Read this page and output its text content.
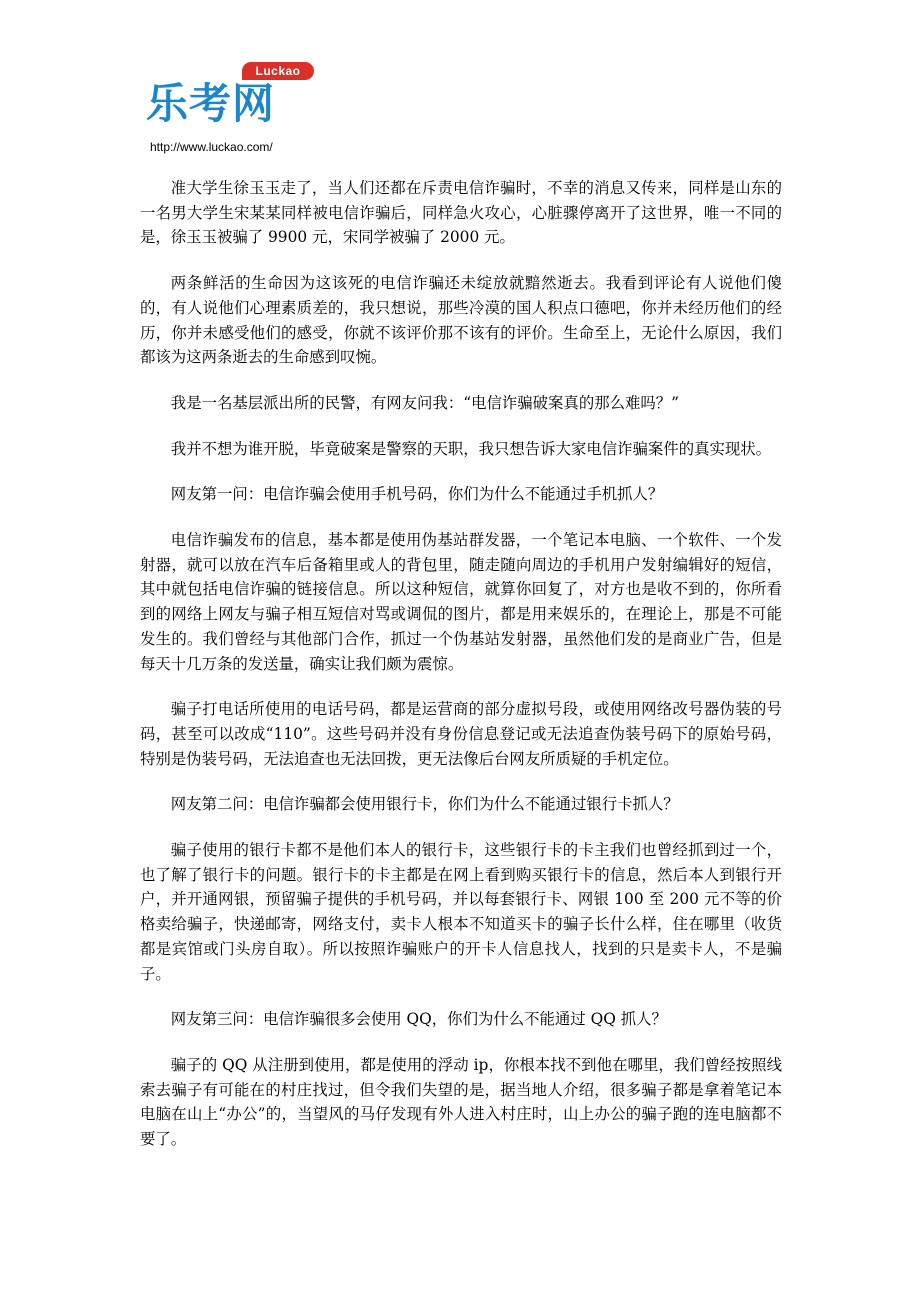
Luckao
乐考网
http://www.luckao.com/

准大学生徐玉玉走了，当人们还都在斥责电信诈骗时，不幸的消息又传来，同样是山东的一名男大学生宋某某同样被电信诈骗后，同样急火攻心，心脏骤停离开了这世界，唯一不同的是，徐玉玉被骗了 9900 元，宋同学被骗了 2000 元。

两条鲜活的生命因为这该死的电信诈骗还未绽放就黯然逝去。我看到评论有人说他们傻的，有人说他们心理素质差的，我只想说，那些冷漠的国人积点口德吧，你并未经历他们的经历，你并未感受他们的感受，你就不该评价那不该有的评价。生命至上，无论什么原因，我们都该为这两条逝去的生命感到叹惋。

我是一名基层派出所的民警，有网友问我：“电信诈骗破案真的那么难吗？”

我并不想为谁开脱，毕竟破案是警察的天职，我只想告诉大家电信诈骗案件的真实现状。

网友第一问：电信诈骗会使用手机号码，你们为什么不能通过手机抓人？

电信诈骗发布的信息，基本都是使用伪基站群发器，一个笔记本电脑、一个软件、一个发射器，就可以放在汽车后备箱里或人的背包里，随走随向周边的手机用户发射编辑好的短信，其中就包括电信诈骗的链接信息。所以这种短信，就算你回复了，对方也是收不到的，你所看到的网络上网友与骗子相互短信对骂或调侃的图片，都是用来娱乐的，在理论上，那是不可能发生的。我们曾经与其他部门合作，抓过一个伪基站发射器，虽然他们发的是商业广告，但是每天十几万条的发送量，确实让我们颇为震惊。

骗子打电话所使用的电话号码，都是运营商的部分虚拟号段，或使用网络改号器伪装的号码，甚至可以改成“110”。这些号码并没有身份信息登记或无法追查伪装号码下的原始号码，特别是伪装号码，无法追查也无法回拨，更无法像后台网友所质疑的手机定位。

网友第二问：电信诈骗都会使用银行卡，你们为什么不能通过银行卡抓人？

骗子使用的银行卡都不是他们本人的银行卡，这些银行卡的卡主我们也曾经抓到过一个，也了解了银行卡的问题。银行卡的卡主都是在网上看到购买银行卡的信息，然后本人到银行开户，并开通网银，预留骗子提供的手机号码，并以每套银行卡、网银 100 至 200 元不等的价格卖给骗子，快递邮寄，网络支付，卖卡人根本不知道买卡的骗子长什么样，住在哪里（收货都是宾馆或门头房自取）。所以按照诈骗账户的开卡人信息找人，找到的只是卖卡人，不是骗子。

网友第三问：电信诈骗很多会使用 QQ，你们为什么不能通过 QQ 抓人？

骗子的 QQ 从注册到使用，都是使用的浮动 ip，你根本找不到他在哪里，我们曾经按照线索去骗子有可能在的村庄找过，但令我们失望的是，据当地人介绍，很多骗子都是拿着笔记本电脑在山上“办公”的，当望风的马仔发现有外人进入村庄时，山上办公的骗子跑的连电脑都不要了。
